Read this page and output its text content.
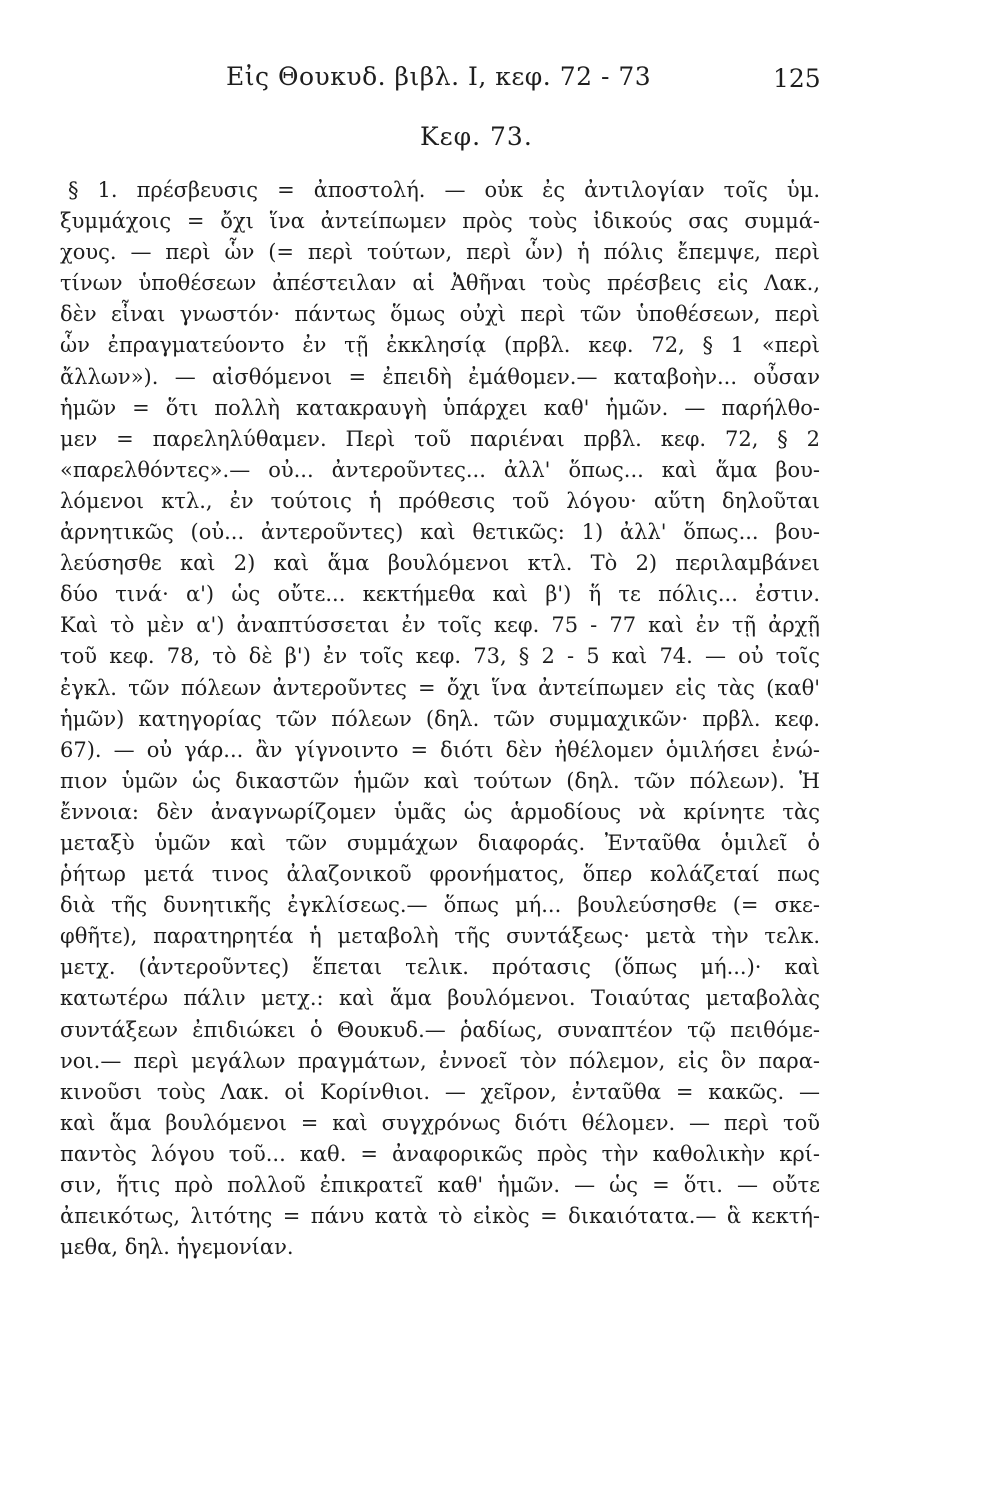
Εἰς Θουκυδ. βιβλ. Ι, κεφ. 72 - 73	125
Κεφ. 73.
§ 1. πρέσβευσις = ἀποστολή. — οὐκ ἐς ἀντιλογίαν τοῖς ὑμ.
ξυμμάχοις = ὄχι ἵνα ἀντείπωμεν πρὸς τοὺς ἰδικούς σας συμμά-
χους. — περὶ ὧν (= περὶ τούτων, περὶ ὧν) ἡ πόλις ἔπεμψε, περὶ
τίνων ὑποθέσεων ἀπέστειλαν αἱ Ἀθῆναι τοὺς πρέσβεις εἰς Λακ.,
δὲν εἶναι γνωστόν· πάντως ὅμως οὐχὶ περὶ τῶν ὑποθέσεων, περὶ
ὧν ἐπραγματεύοντο ἐν τῇ ἐκκλησίᾳ (πρβλ. κεφ. 72, § 1 «περὶ
ἄλλων»). — αἰσθόμενοι = ἐπειδὴ ἐμάθομεν.— καταβοὴν... οὖσαν
ἡμῶν = ὅτι πολλὴ κατακραυγὴ ὑπάρχει καθ' ἡμῶν. — παρήλθο-
μεν = παρεληλύθαμεν. Περὶ τοῦ παριέναι πρβλ. κεφ. 72, § 2
«παρελθόντες».— οὐ... ἀντεροῦντες... ἀλλ' ὅπως... καὶ ἅμα βου-
λόμενοι κτλ., ἐν τούτοις ἡ πρόθεσις τοῦ λόγου· αὕτη δηλοῦται
ἀρνητικῶς (οὐ... ἀντεροῦντες) καὶ θετικῶς: 1) ἀλλ' ὅπως... βου-
λεύσησθε καὶ 2) καὶ ἅμα βουλόμενοι κτλ. Τὸ 2) περιλαμβάνει
δύο τινά· α') ὡς οὔτε... κεκτήμεθα καὶ β') ἥ τε πόλις... ἐστιν.
Καὶ τὸ μὲν α') ἀναπτύσσεται ἐν τοῖς κεφ. 75 - 77 καὶ ἐν τῇ ἀρχῇ
τοῦ κεφ. 78, τὸ δὲ β') ἐν τοῖς κεφ. 73, § 2 - 5 καὶ 74. — οὐ τοῖς
ἐγκλ. τῶν πόλεων ἀντεροῦντες = ὄχι ἵνα ἀντείπωμεν εἰς τὰς (καθ'
ἡμῶν) κατηγορίας τῶν πόλεων (δηλ. τῶν συμμαχικῶν· πρβλ. κεφ.
67). — οὐ γάρ... ἂν γίγνοιντο = διότι δὲν ἠθέλομεν ὁμιλήσει ἐνώ-
πιον ὑμῶν ὡς δικαστῶν ἡμῶν καὶ τούτων (δηλ. τῶν πόλεων). Ἡ
ἔννοια: δὲν ἀναγνωρίζομεν ὑμᾶς ὡς ἁρμοδίους νὰ κρίνητε τὰς
μεταξὺ ὑμῶν καὶ τῶν συμμάχων διαφοράς. Ἐνταῦθα ὁμιλεῖ ὁ
ῥήτωρ μετά τινος ἀλαζονικοῦ φρονήματος, ὅπερ κολάζεταί πως
διὰ τῆς δυνητικῆς ἐγκλίσεως.— ὅπως μή... βουλεύσησθε (= σκε-
φθῆτε), παρατηρητέα ἡ μεταβολὴ τῆς συντάξεως· μετὰ τὴν τελκ.
μετχ. (ἀντεροῦντες) ἕπεται τελικ. πρότασις (ὅπως μή...)· καὶ
κατωτέρω πάλιν μετχ.: καὶ ἅμα βουλόμενοι. Τοιαύτας μεταβολὰς
συντάξεων ἐπιδιώκει ὁ Θουκυδ.— ῥαδίως, συναπτέον τῷ πειθόμε-
νοι.— περὶ μεγάλων πραγμάτων, ἐννοεῖ τὸν πόλεμον, εἰς ὃν παρα-
κινοῦσι τοὺς Λακ. οἱ Κορίνθιοι. — χεῖρον, ἐνταῦθα = κακῶς. —
καὶ ἅμα βουλόμενοι = καὶ συγχρόνως διότι θέλομεν. — περὶ τοῦ
παντὸς λόγου τοῦ... καθ. = ἀναφορικῶς πρὸς τὴν καθολικὴν κρί-
σιν, ἥτις πρὸ πολλοῦ ἐπικρατεῖ καθ' ἡμῶν. — ὡς = ὅτι. — οὔτε
ἀπεικότως, λιτότης = πάνυ κατὰ τὸ εἰκὸς = δικαιότατα.— ἃ κεκτή-
μεθα, δηλ. ἡγεμονίαν.
